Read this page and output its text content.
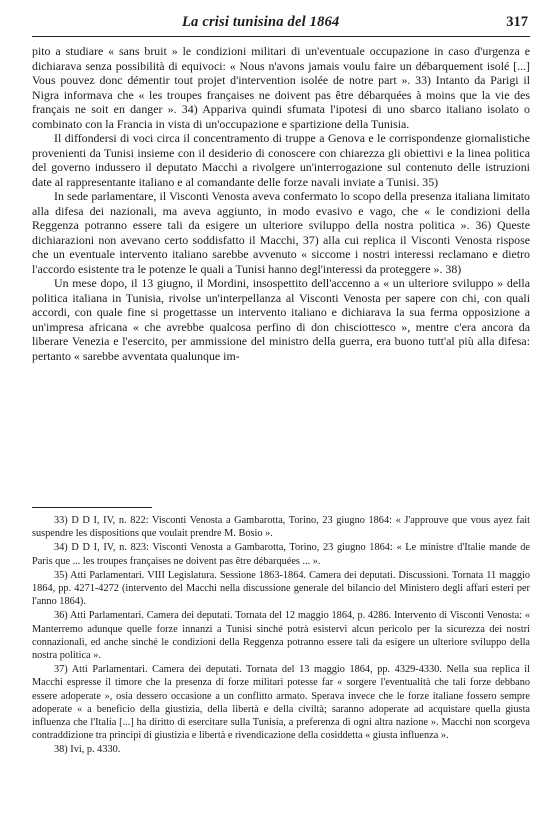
La crisi tunisina del 1864	317

pito a studiare « sans bruit » le condizioni militari di un'eventuale occupazione in caso d'urgenza e dichiarava senza possibilità di equivoci: « Nous n'avons jamais voulu faire un débarquement isolé [...] Vous pouvez donc démentir tout projet d'intervention isolée de notre part ». 33) Intanto da Parigi il Nigra informava che « les troupes françaises ne doivent pas être débarquées à moins que la vie des français ne soit en danger ». 34) Appariva quindi sfumata l'ipotesi di uno sbarco italiano isolato o combinato con la Francia in vista di un'occupazione e spartizione della Tunisia.

Il diffondersi di voci circa il concentramento di truppe a Genova e le corrispondenze giornalistiche provenienti da Tunisi insieme con il desiderio di conoscere con chiarezza gli obiettivi e la linea politica del governo indussero il deputato Macchi a rivolgere un'interrogazione sul contenuto delle istruzioni date al rappresentante italiano e al comandante delle forze navali inviate a Tunisi. 35)

In sede parlamentare, il Visconti Venosta aveva confermato lo scopo della presenza italiana limitato alla difesa dei nazionali, ma aveva aggiunto, in modo evasivo e vago, che « le condizioni della Reggenza potranno essere tali da esigere un ulteriore sviluppo della nostra politica ». 36) Queste dichiarazioni non avevano certo soddisfatto il Macchi, 37) alla cui replica il Visconti Venosta rispose che un eventuale intervento italiano sarebbe avvenuto « siccome i nostri interessi reclamano e dietro l'accordo esistente tra le potenze le quali a Tunisi hanno degl'interessi da proteggere ». 38)

Un mese dopo, il 13 giugno, il Mordini, insospettito dell'accenno a « un ulteriore sviluppo » della politica italiana in Tunisia, rivolse un'interpellanza al Visconti Venosta per sapere con chi, con quali accordi, con quale fine si progettasse un intervento italiano e dichiarava la sua ferma opposizione a un'impresa africana « che avrebbe qualcosa perfino di don chisciottesco », mentre c'era ancora da liberare Venezia e l'esercito, per ammissione del ministro della guerra, era buono tutt'al più alla difesa: pertanto « sarebbe avventata qualunque im-

33) D D I, IV, n. 822: Visconti Venosta a Gambarotta, Torino, 23 giugno 1864: « J'approuve que vous ayez fait suspendre les dispositions que voulait prendre M. Bosio ».

34) D D I, IV, n. 823: Visconti Venosta a Gambarotta, Torino, 23 giugno 1864: « Le ministre d'Italie mande de Paris que ... les troupes françaises ne doivent pas être débarquées ... ».

35) Atti Parlamentari. VIII Legislatura. Sessione 1863-1864. Camera dei deputati. Discussioni. Tornata 11 maggio 1864, pp. 4271-4272 (intervento del Macchi nella discussione generale del bilancio del Ministero degli affari esteri per l'anno 1864).

36) Atti Parlamentari. Camera dei deputati. Tornata del 12 maggio 1864, p. 4286. Intervento di Visconti Venosta: « Manterremo adunque quelle forze innanzi a Tunisi sinché potrà esistervi alcun pericolo per la sicurezza dei nostri connazionali, ed anche sinché le condizioni della Reggenza potranno essere tali da esigere un ulteriore sviluppo della nostra politica ».

37) Atti Parlamentari. Camera dei deputati. Tornata del 13 maggio 1864, pp. 4329-4330. Nella sua replica il Macchi espresse il timore che la presenza di forze militari potesse far « sorgere l'eventualità che tali forze debbano essere adoperate », osia dessero occasione a un conflitto armato. Sperava invece che le forze italiane fossero sempre adoperate « a beneficio della giustizia, della libertà e della civiltà; saranno adoperate ad acquistare quella giusta influenza che l'Italia [...] ha diritto di esercitare sulla Tunisia, a preferenza di ogni altra nazione ». Macchi non scorgeva contraddizione tra principi di giustizia e libertà e rivendicazione della cosiddetta « giusta influenza ».

38) Ivi, p. 4330.
